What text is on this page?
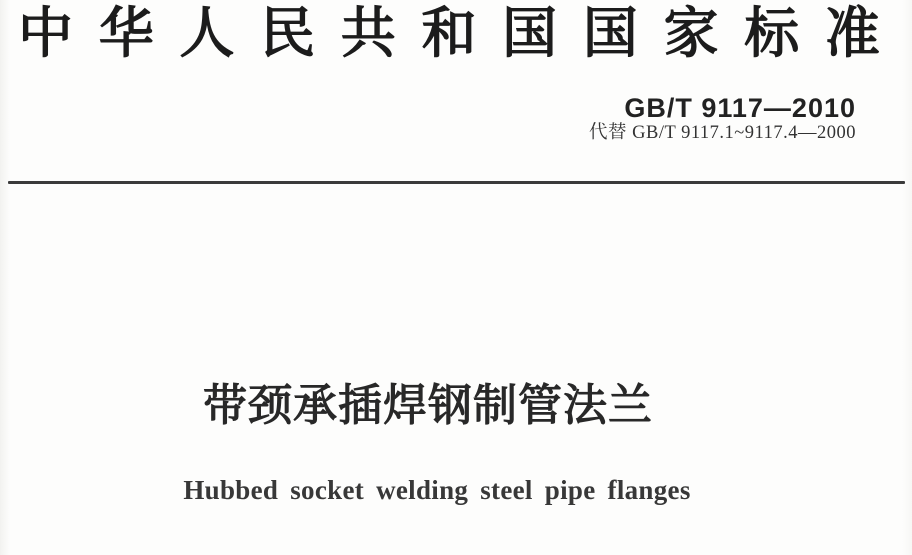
中 华 人 民 共 和 国 国 家 标 准
GB/T 9117—2010
代替 GB/T 9117.1~9117.4—2000
带颈承插焊钢制管法兰
Hubbed socket welding steel pipe flanges
